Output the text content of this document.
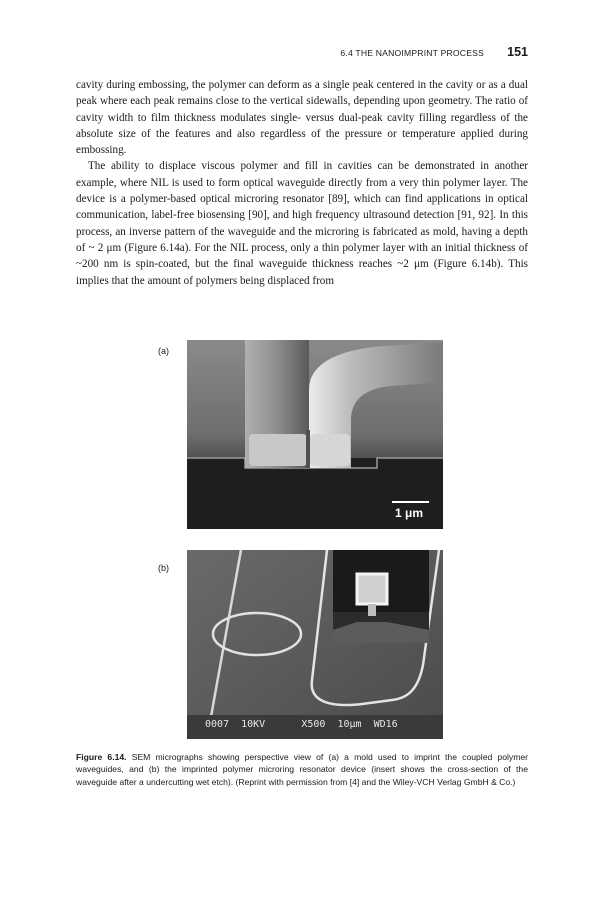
6.4 THE NANOIMPRINT PROCESS 151

cavity during embossing, the polymer can deform as a single peak centered in the cavity or as a dual peak where each peak remains close to the vertical sidewalls, depending upon geometry. The ratio of cavity width to film thickness modulates single- versus dual-peak cavity filling regardless of the absolute size of the features and also regardless of the pressure or temperature applied during embossing.

The ability to displace viscous polymer and fill in cavities can be demonstrated in another example, where NIL is used to form optical waveguide directly from a very thin polymer layer. The device is a polymer-based optical microring resonator [89], which can find applications in optical communication, label-free biosensing [90], and high frequency ultrasound detection [91, 92]. In this process, an inverse pattern of the waveguide and the microring is fabricated as mold, having a depth of ~ 2 μm (Figure 6.14a). For the NIL process, only a thin polymer layer with an initial thickness of ~200 nm is spin-coated, but the final waveguide thickness reaches ~2 μm (Figure 6.14b). This implies that the amount of polymers being displaced from

(a)
1 μm
(b)
0007  10KV      X500  10μm  WD16
Figure 6.14. SEM micrographs showing perspective view of (a) a mold used to imprint the coupled polymer waveguides, and (b) the imprinted polymer microring resonator device (insert shows the cross-section of the waveguide after a undercutting wet etch). (Reprint with permission from [4] and the Wiley-VCH Verlag GmbH & Co.)
